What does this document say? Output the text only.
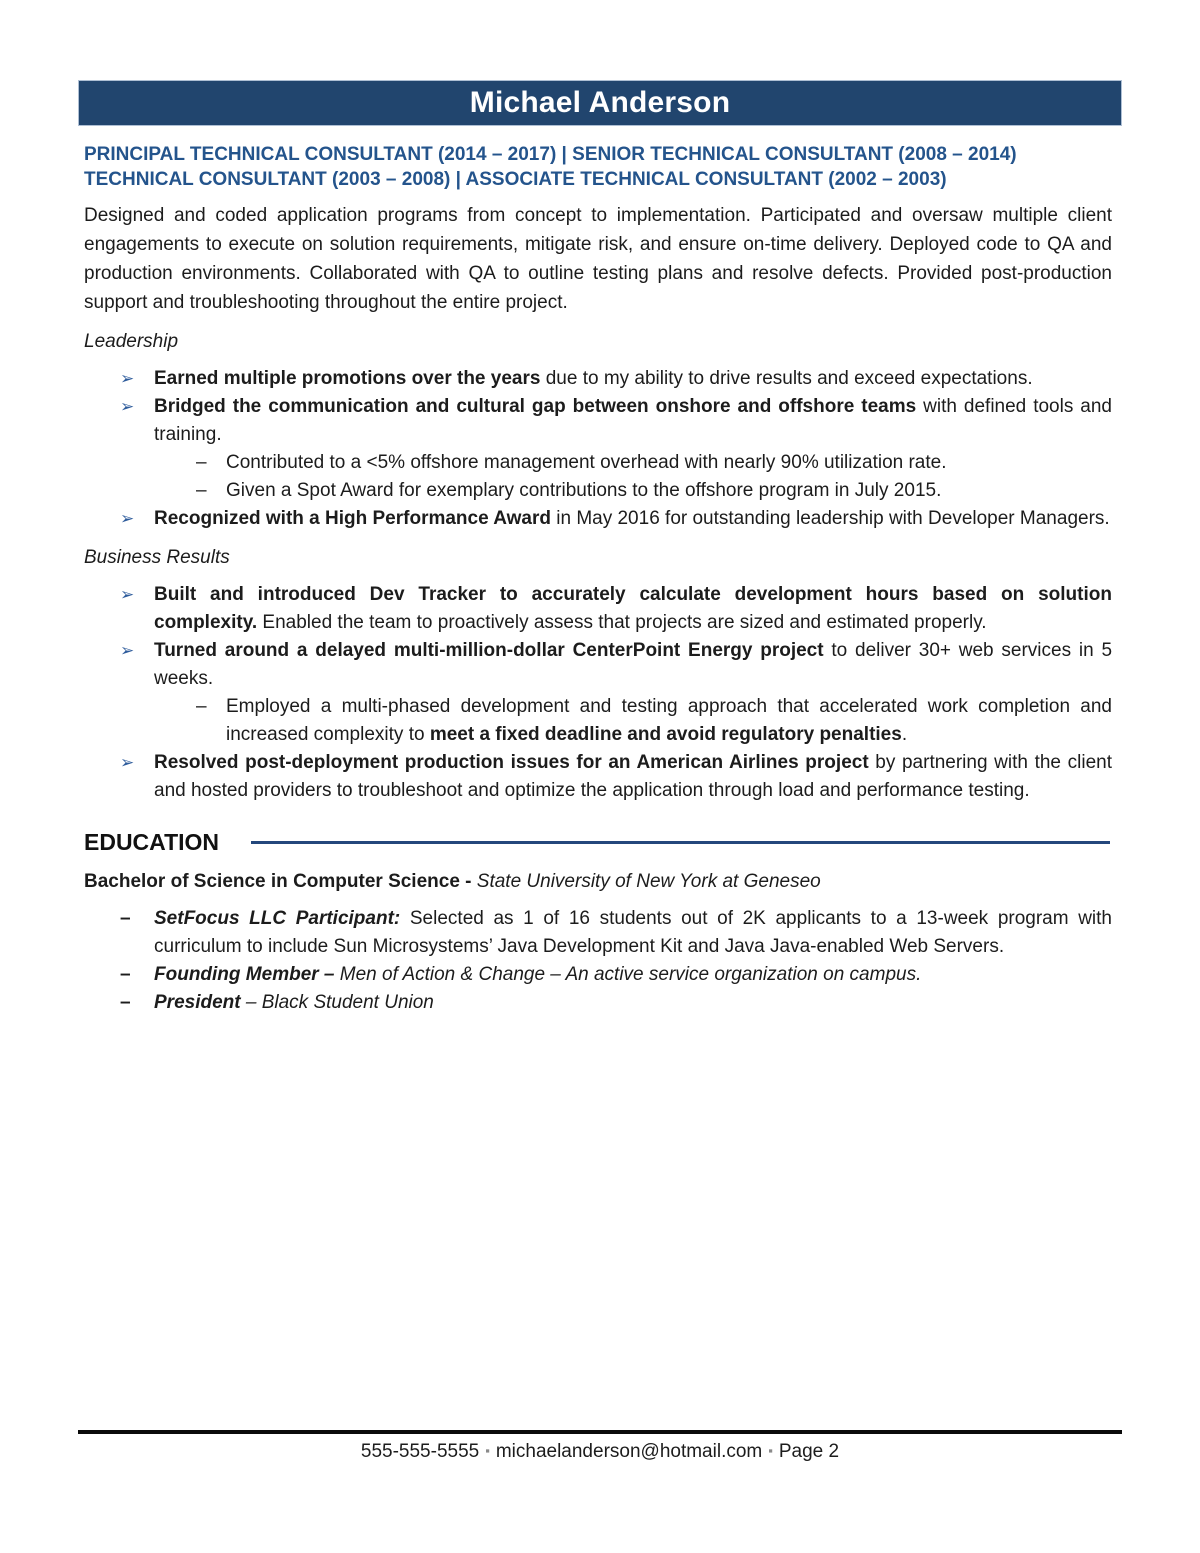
Michael Anderson
PRINCIPAL TECHNICAL CONSULTANT (2014 – 2017) | SENIOR TECHNICAL CONSULTANT (2008 – 2014)
TECHNICAL CONSULTANT (2003 – 2008) | ASSOCIATE TECHNICAL CONSULTANT (2002 – 2003)

Designed and coded application programs from concept to implementation. Participated and oversaw multiple client engagements to execute on solution requirements, mitigate risk, and ensure on-time delivery. Deployed code to QA and production environments. Collaborated with QA to outline testing plans and resolve defects. Provided post-production support and troubleshooting throughout the entire project.

Leadership
➢	Earned multiple promotions over the years due to my ability to drive results and exceed expectations.
➢	Bridged the communication and cultural gap between onshore and offshore teams with defined tools and training.
–	Contributed to a <5% offshore management overhead with nearly 90% utilization rate.
–	Given a Spot Award for exemplary contributions to the offshore program in July 2015.
➢	Recognized with a High Performance Award in May 2016 for outstanding leadership with Developer Managers.
Business Results
➢	Built and introduced Dev Tracker to accurately calculate development hours based on solution complexity. Enabled the team to proactively assess that projects are sized and estimated properly.
➢	Turned around a delayed multi-million-dollar CenterPoint Energy project to deliver 30+ web services in 5 weeks.
–	Employed a multi-phased development and testing approach that accelerated work completion and increased complexity to meet a fixed deadline and avoid regulatory penalties.
➢	Resolved post-deployment production issues for an American Airlines project by partnering with the client and hosted providers to troubleshoot and optimize the application through load and performance testing.
EDUCATION
Bachelor of Science in Computer Science - State University of New York at Geneseo
–	SetFocus LLC Participant: Selected as 1 of 16 students out of 2K applicants to a 13-week program with curriculum to include Sun Microsystems’ Java Development Kit and Java Java-enabled Web Servers.
–	Founding Member – Men of Action & Change – An active service organization on campus.
–	President – Black Student Union
555-555-5555 ▪ michaelanderson@hotmail.com ▪ Page 2
